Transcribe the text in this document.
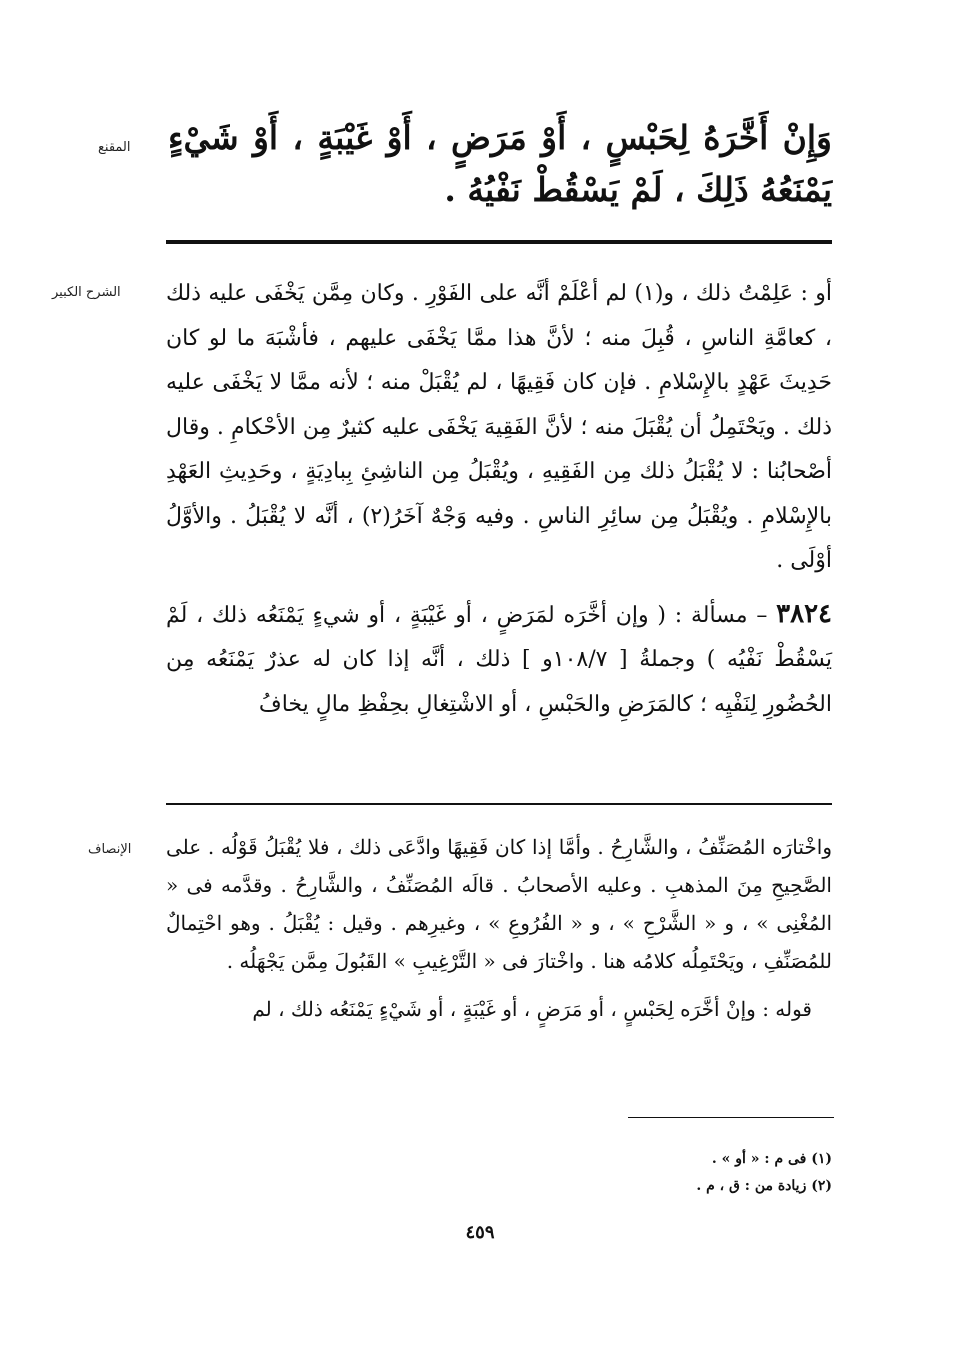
المقنع وَإِنْ أَخَّرَهُ لِحَبْسٍ ، أَوْ مَرَضٍ ، أَوْ غَيْبَةٍ ، أَوْ شَيْءٍ يَمْنَعُهُ ذَلِكَ ، لَمْ يَسْقُطْ نَفْيُهُ .
الشرح الكبير أو : عَلِمْتُ ذلك ، و(١) لم أعْلَمْ أنَّه على الفَوْرِ . وكان مِمَّن يَخْفَى عليه ذلك ، كعامَّةِ الناسِ ، قُبِلَ منه ؛ لأنَّ هذا ممَّا يَخْفَى عليهم ، فأشْبَهَ ما لو كان حَدِيثَ عَهْدٍ بالإِسْلامِ . فإن كان فَقِيهًا ، لم يُقْبَلْ منه ؛ لأنه ممَّا لا يَخْفَى عليه ذلك . ويَحْتَمِلُ أن يُقْبَلَ منه ؛ لأنَّ الفَقِيهَ يَخْفَى عليه كثيرٌ مِن الأحْكامِ . وقال أصْحابُنا : لا يُقْبَلُ ذلك مِن الفَقِيهِ ، ويُقْبَلُ مِن الناشِئِ بِبادِيَةٍ ، وحَدِيثِ العَهْدِ بالإِسْلامِ . ويُقْبَلُ مِن سائِرِ الناسِ . وفيه وَجْهٌ آخَرُ(٢) ، أنَّه لا يُقْبَلُ . والأوَّلُ أوْلَى .

٣٨٢٤ – مسألة : ( وإن أخَّرَه لمَرَضٍ ، أو غَيْبَةٍ ، أو شيءٍ يَمْنَعُه ذلك ، لَمْ يَسْقُطْ نَفْيُه ) وجملةُ [ ١٠٨/٧و ] ذلك ، أنَّه إذا كان له عذرٌ يَمْنَعُه مِن الحُضُورِ لِنَفْيِه ؛ كالمَرَضِ والحَبْسِ ، أو الاشْتِغالِ بحِفْظِ مالٍ يخافُ

الإنصاف واخْتارَه المُصَنِّفُ ، والشَّارِحُ . وأمَّا إذا كان فَقِيهًا وادَّعَى ذلك ، فلا يُقْبَلُ قَوْلُه . على الصَّحِيحِ مِنَ المذهبِ . وعليه الأصحابُ . قالَه المُصَنِّفُ ، والشَّارِحُ . وقدَّمه فى « المُغْنِى » ، و « الشَّرْحِ » ، و « الفُرُوعِ » ، وغيرِهم . وقيل : يُقْبَلُ . وهو احْتِمالٌ للمُصَنِّفِ ، ويَحْتَمِلُه كلامُه هنا . واخْتارَ فى « التَّرْغِيبِ » القَبُولَ مِمَّن يَجْهَلُه .

قوله : وإنْ أخَّرَه لِحَبْسٍ ، أو مَرَضٍ ، أو غَيْبَةٍ ، أو شَيْءٍ يَمْنَعُه ذلك ، لم

(١) فى م : « أو » .

(٢) زيادة من : ق ، م .

٤٥٩
